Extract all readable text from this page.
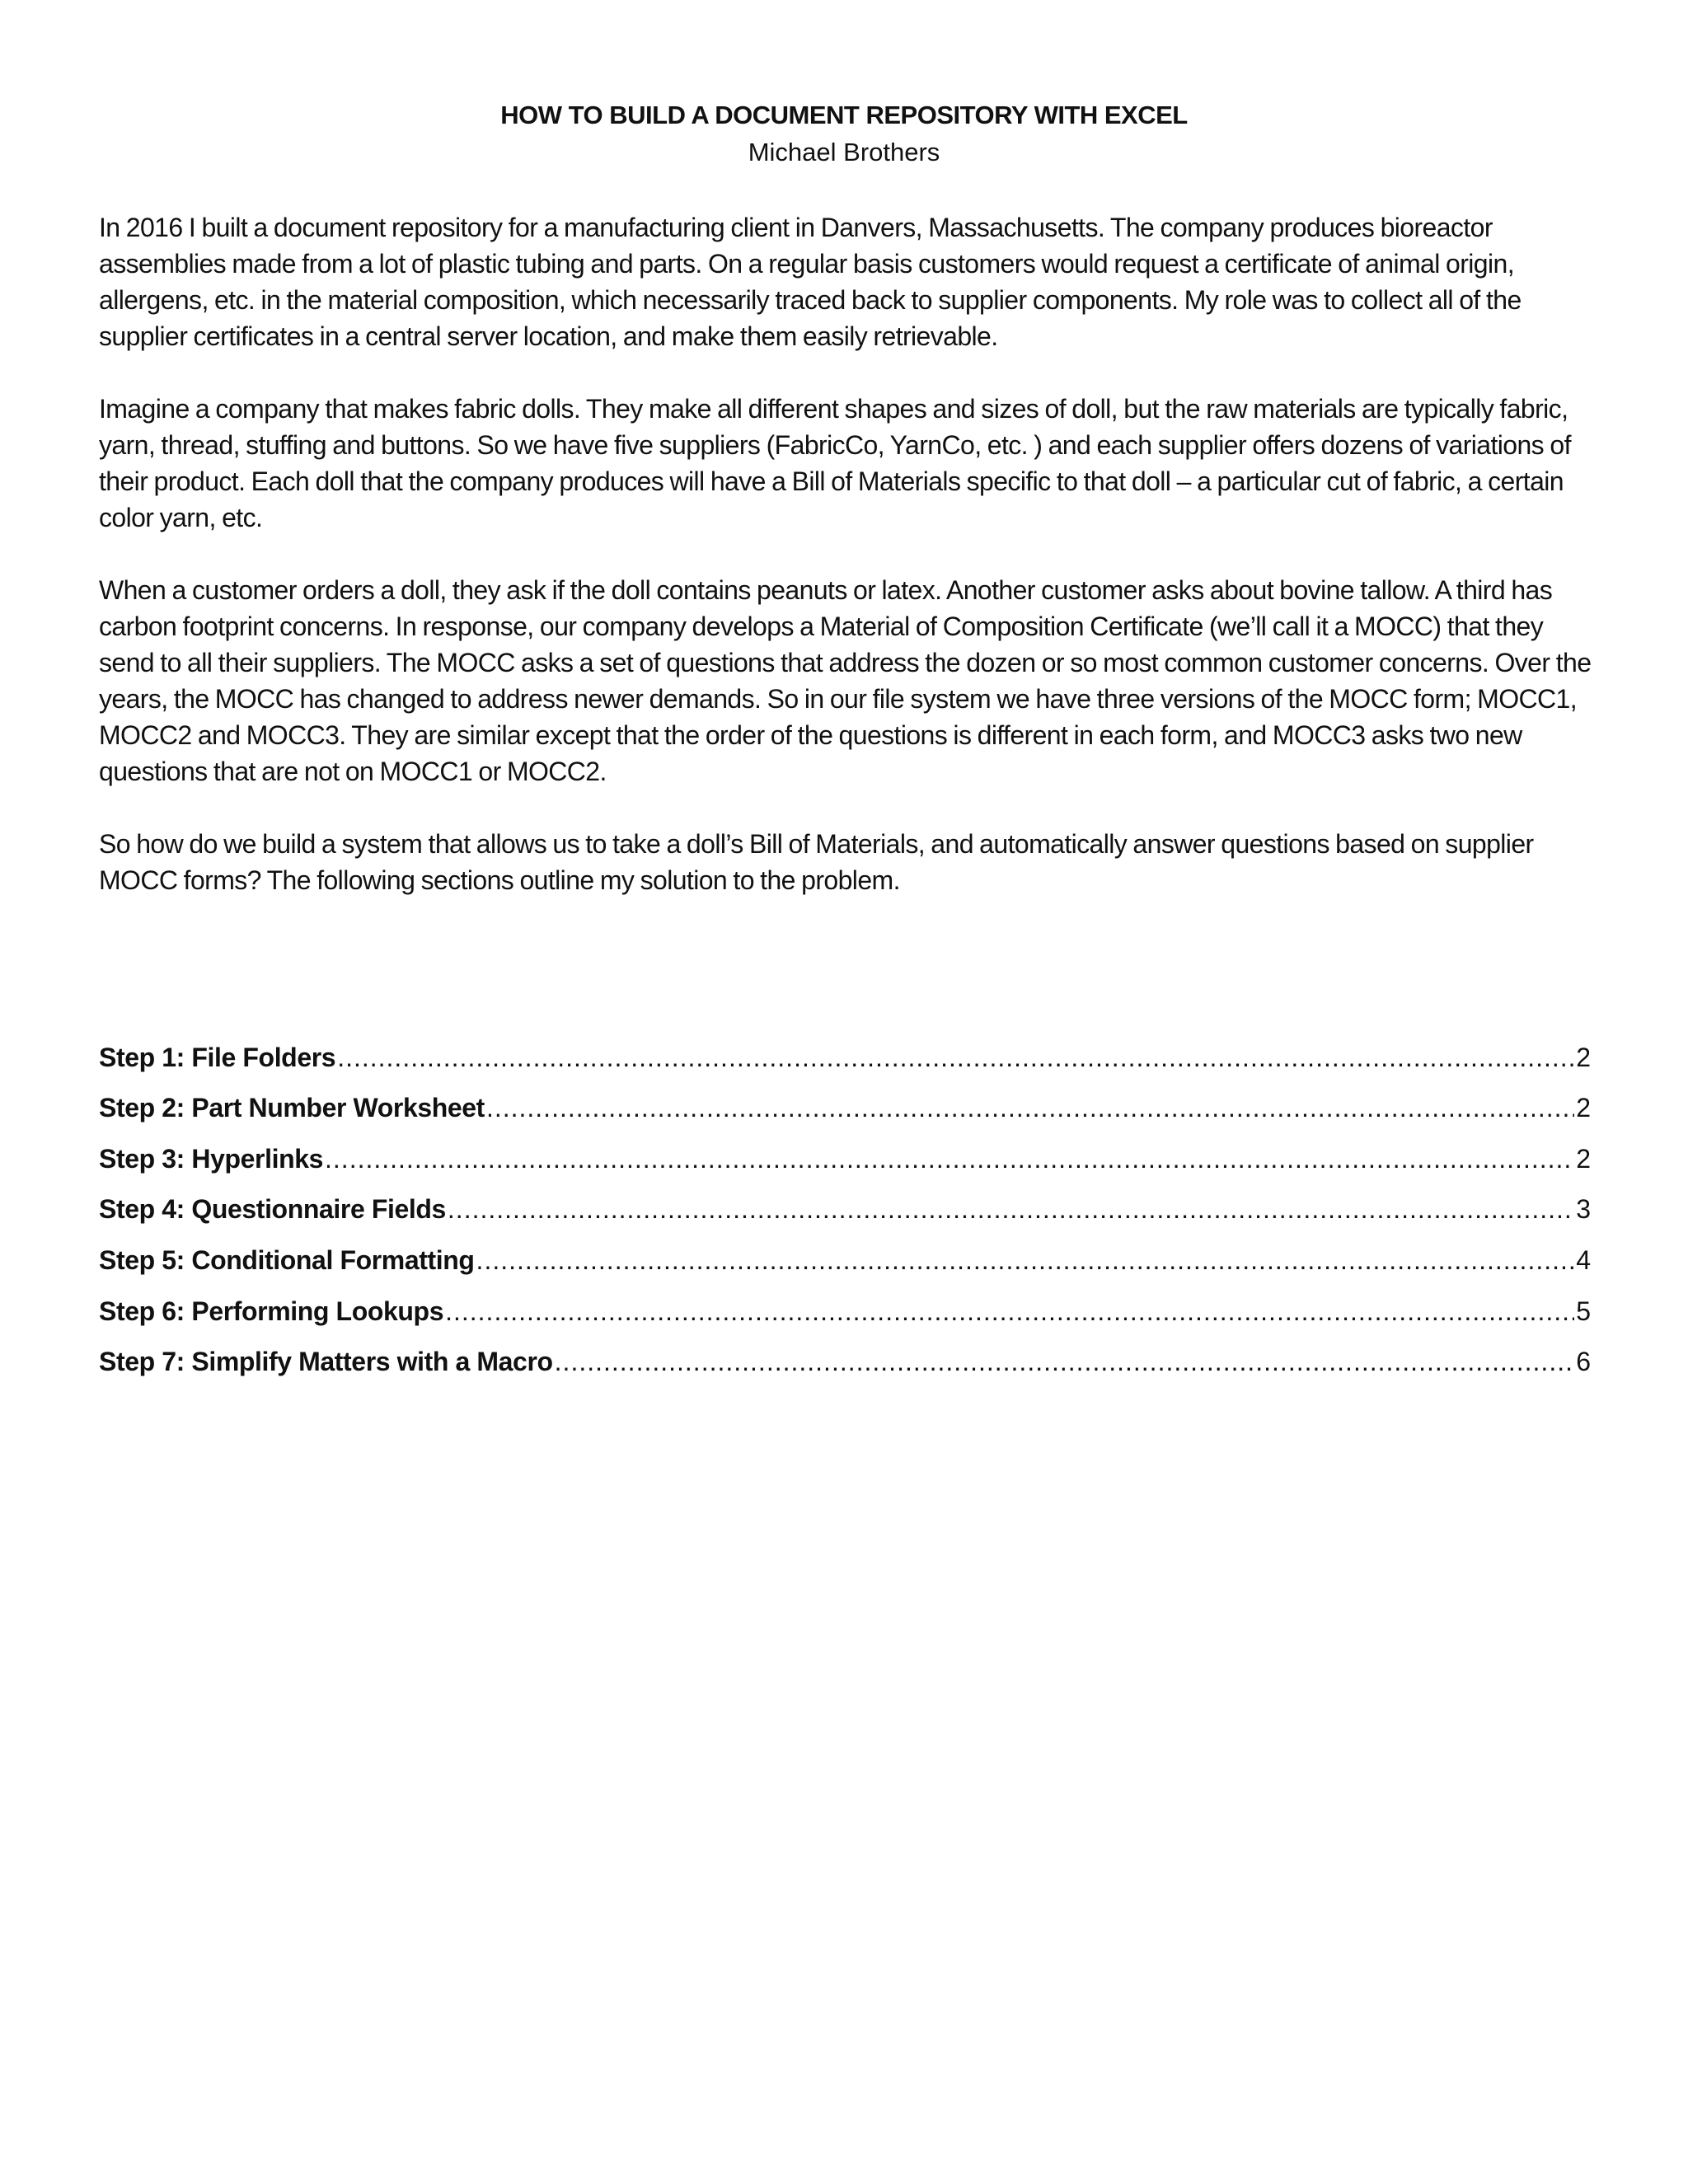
HOW TO BUILD A DOCUMENT REPOSITORY WITH EXCEL
Michael Brothers

In 2016 I built a document repository for a manufacturing client in Danvers, Massachusetts. The company produces bioreactor assemblies made from a lot of plastic tubing and parts. On a regular basis customers would request a certificate of animal origin, allergens, etc. in the material composition, which necessarily traced back to supplier components. My role was to collect all of the supplier certificates in a central server location, and make them easily retrievable.

Imagine a company that makes fabric dolls. They make all different shapes and sizes of doll, but the raw materials are typically fabric, yarn, thread, stuffing and buttons. So we have five suppliers (FabricCo, YarnCo, etc. ) and each supplier offers dozens of variations of their product. Each doll that the company produces will have a Bill of Materials specific to that doll – a particular cut of fabric, a certain color yarn, etc.

When a customer orders a doll, they ask if the doll contains peanuts or latex. Another customer asks about bovine tallow. A third has carbon footprint concerns. In response, our company develops a Material of Composition Certificate (we’ll call it a MOCC) that they send to all their suppliers. The MOCC asks a set of questions that address the dozen or so most common customer concerns. Over the years, the MOCC has changed to address newer demands. So in our file system we have three versions of the MOCC form; MOCC1, MOCC2 and MOCC3. They are similar except that the order of the questions is different in each form, and MOCC3 asks two new questions that are not on MOCC1 or MOCC2.

So how do we build a system that allows us to take a doll’s Bill of Materials, and automatically answer questions based on supplier MOCC forms? The following sections outline my solution to the problem.

Step 1: File Folders .....	2
Step 2: Part Number Worksheet .....	2
Step 3: Hyperlinks .....	2
Step 4: Questionnaire Fields .....	3
Step 5: Conditional Formatting .....	4
Step 6: Performing Lookups .....	5
Step 7: Simplify Matters with a Macro .....	6
